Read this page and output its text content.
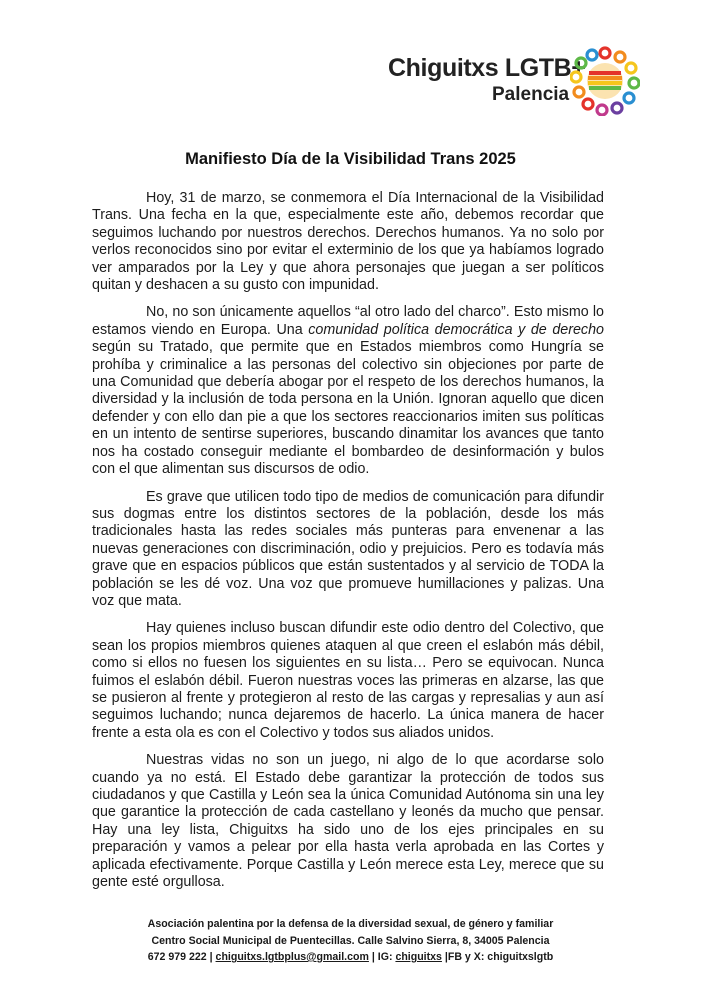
Chiguitxs LGTB+
Palencia
Manifiesto Día de la Visibilidad Trans 2025

Hoy, 31 de marzo, se conmemora el Día Internacional de la Visibilidad Trans. Una fecha en la que, especialmente este año, debemos recordar que seguimos luchando por nuestros derechos. Derechos humanos. Ya no solo por verlos reconocidos sino por evitar el exterminio de los que ya habíamos logrado ver amparados por la Ley y que ahora personajes que juegan a ser políticos quitan y deshacen a su gusto con impunidad.

No, no son únicamente aquellos “al otro lado del charco”. Esto mismo lo estamos viendo en Europa. Una comunidad política democrática y de derecho según su Tratado, que permite que en Estados miembros como Hungría se prohíba y criminalice a las personas del colectivo sin objeciones por parte de una Comunidad que debería abogar por el respeto de los derechos humanos, la diversidad y la inclusión de toda persona en la Unión. Ignoran aquello que dicen defender y con ello dan pie a que los sectores reaccionarios imiten sus políticas en un intento de sentirse superiores, buscando dinamitar los avances que tanto nos ha costado conseguir mediante el bombardeo de desinformación y bulos con el que alimentan sus discursos de odio.

Es grave que utilicen todo tipo de medios de comunicación para difundir sus dogmas entre los distintos sectores de la población, desde los más tradicionales hasta las redes sociales más punteras para envenenar a las nuevas generaciones con discriminación, odio y prejuicios. Pero es todavía más grave que en espacios públicos que están sustentados y al servicio de TODA la población se les dé voz. Una voz que promueve humillaciones y palizas. Una voz que mata.

Hay quienes incluso buscan difundir este odio dentro del Colectivo, que sean los propios miembros quienes ataquen al que creen el eslabón más débil, como si ellos no fuesen los siguientes en su lista… Pero se equivocan. Nunca fuimos el eslabón débil. Fueron nuestras voces las primeras en alzarse, las que se pusieron al frente y protegieron al resto de las cargas y represalias y aun así seguimos luchando; nunca dejaremos de hacerlo. La única manera de hacer frente a esta ola es con el Colectivo y todos sus aliados unidos.

Nuestras vidas no son un juego, ni algo de lo que acordarse solo cuando ya no está. El Estado debe garantizar la protección de todos sus ciudadanos y que Castilla y León sea la única Comunidad Autónoma sin una ley que garantice la protección de cada castellano y leonés da mucho que pensar. Hay una ley lista, Chiguitxs ha sido uno de los ejes principales en su preparación y vamos a pelear por ella hasta verla aprobada en las Cortes y aplicada efectivamente. Porque Castilla y León merece esta Ley, merece que su gente esté orgullosa.

Asociación palentina por la defensa de la diversidad sexual, de género y familiar
Centro Social Municipal de Puentecillas. Calle Salvino Sierra, 8, 34005 Palencia
672 979 222 | chiguitxs.lgtbplus@gmail.com | IG: chiguitxs |FB y X: chiguitxslgtb
